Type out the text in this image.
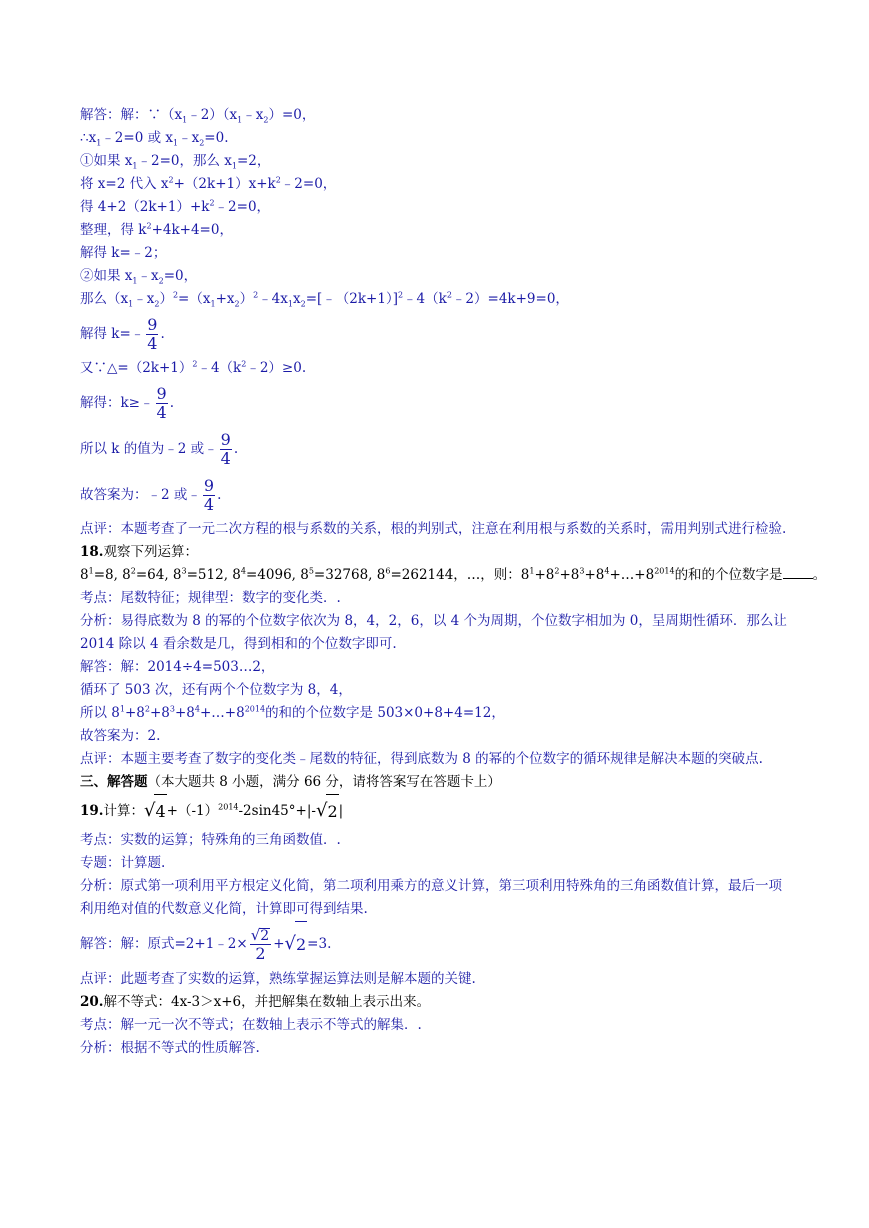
解答：解：$\because(x_1﹣2)(x_1﹣x_2)=0$，
$\therefore x_1﹣2=0$ 或 $x_1﹣x_2=0$.
①如果 $x_1﹣2=0$，那么 $x_1=2$，
将 x=2 代入 $x^2+(2k+1)x+k^2﹣2=0$，
得 $4+2(2k+1)+k^2﹣2=0$，
整理，得 $k^2+4k+4=0$，
解得 k=﹣2；
②如果 $x_1﹣x_2=0$，
那么$(x_1﹣x_2)^2=(x_1+x_2)^2﹣4x_1x_2=[﹣(2k+1)]^2﹣4(k^2﹣2)=4k+9=0$，
解得 k=﹣ $\frac{9}{4}$ .
又$\because\triangle=(2k+1)^2﹣4(k^2﹣2)\ge 0$.
解得：k≥﹣ $\frac{9}{4}$ .
所以 k 的值为﹣2 或﹣ $\frac{9}{4}$ .
故答案为：﹣2 或﹣ $\frac{9}{4}$ .
点评：本题考查了一元二次方程的根与系数的关系，根的判别式，注意在利用根与系数的关系时，需用判别式进行检验.
18.观察下列运算：
$8^1=8$, $8^2=64$, $8^3=512$, $8^4=4096$, $8^5=32768$, $8^6=262144$，…，则：$8^1+8^2+8^3+8^4+\dots+8^{2014}$的和的个位数字是 。
考点：尾数特征；规律型：数字的变化类．.
分析：易得底数为 8 的幂的个位数字依次为 8，4，2，6，以 4 个为周期，个位数字相加为 0，呈周期性循环．那么让 2014 除以 4 看余数是几，得到相和的个位数字即可.
解答：解：2014÷4=503…2，
循环了 503 次，还有两个个位数字为 8，4，
所以 $8^1+8^2+8^3+8^4+\dots+8^{2014}$的和的个位数字是 503×0+8+4=12，
故答案为：2.
点评：本题主要考查了数字的变化类﹣尾数的特征，得到底数为 8 的幂的个位数字的循环规律是解决本题的突破点.
三、解答题（本大题共 8 小题，满分 66 分，请将答案写在答题卡上）
19.计算： √ $4 +(-1)^{2014}-2\sin 45^\circ+|-$ √ 2 |
考点：实数的运算；特殊角的三角函数值．.
专题：计算题.
分析：原式第一项利用平方根定义化简，第二项利用乘方的意义计算，第三项利用特殊角的三角函数值计算，最后一项利用绝对值的代数意义化简，计算即可得到结果.
解答：解：原式=2+1﹣2× $\frac{√ 2}{2}$ + √ 2 =3.
点评：此题考查了实数的运算，熟练掌握运算法则是解本题的关键.
20.解不等式：4x-3＞x+6，并把解集在数轴上表示出来。
考点：解一元一次不等式；在数轴上表示不等式的解集．.
分析：根据不等式的性质解答.
